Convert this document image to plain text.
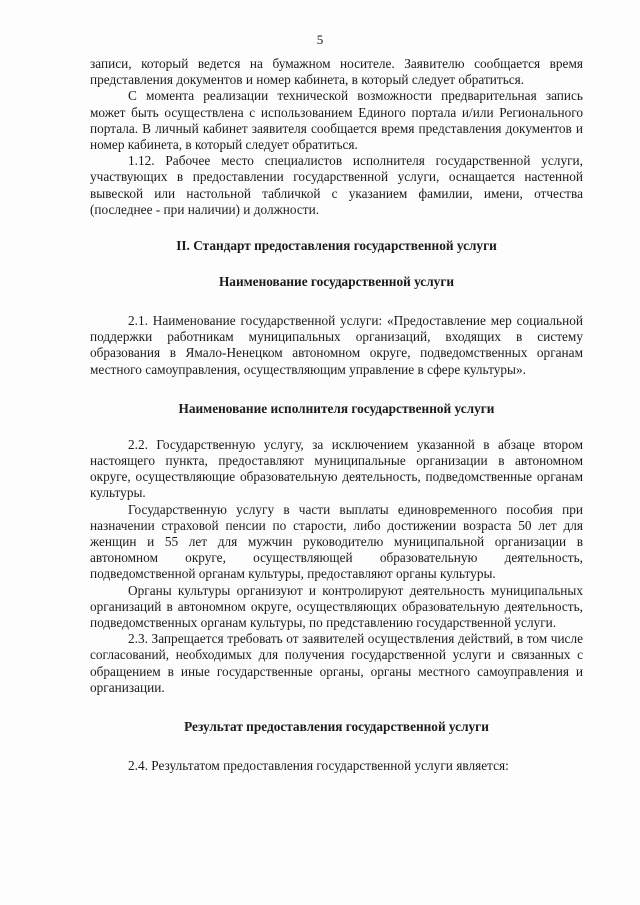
5

записи, который ведется на бумажном носителе. Заявителю сообщается время представления документов и номер кабинета, в который следует обратиться.

С момента реализации технической возможности предварительная запись может быть осуществлена с использованием Единого портала и/или Регионального портала. В личный кабинет заявителя сообщается время представления документов и номер кабинета, в который следует обратиться.

1.12. Рабочее место специалистов исполнителя государственной услуги, участвующих в предоставлении государственной услуги, оснащается настенной вывеской или настольной табличкой с указанием фамилии, имени, отчества (последнее - при наличии) и должности.

II. Стандарт предоставления государственной услуги
Наименование государственной услуги

2.1. Наименование государственной услуги: «Предоставление мер социальной поддержки работникам муниципальных организаций, входящих в систему образования в Ямало-Ненецком автономном округе, подведомственных органам местного самоуправления, осуществляющим управление в сфере культуры».

Наименование исполнителя государственной услуги

2.2. Государственную услугу, за исключением указанной в абзаце втором настоящего пункта, предоставляют муниципальные организации в автономном округе, осуществляющие образовательную деятельность, подведомственные органам культуры.

Государственную услугу в части выплаты единовременного пособия при назначении страховой пенсии по старости, либо достижении возраста 50 лет для женщин и 55 лет для мужчин руководителю муниципальной организации в автономном округе, осуществляющей образовательную деятельность, подведомственной органам культуры, предоставляют органы культуры.

Органы культуры организуют и контролируют деятельность муниципальных организаций в автономном округе, осуществляющих образовательную деятельность, подведомственных органам культуры, по представлению государственной услуги.

2.3. Запрещается требовать от заявителей осуществления действий, в том числе согласований, необходимых для получения государственной услуги и связанных с обращением в иные государственные органы, органы местного самоуправления и организации.

Результат предоставления государственной услуги

2.4. Результатом предоставления государственной услуги является:
